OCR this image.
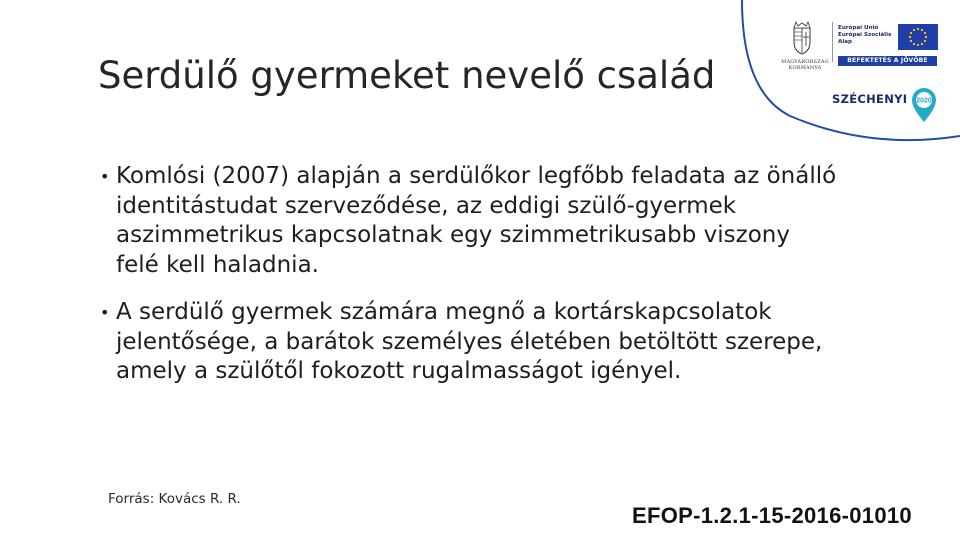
Serdülő gyermeket nevelő család	MAGYARORSZÁG KORMÁNYA
Európai Unió Európai Szociális Alap
BEFEKTETÉS A JÖVŐBE
SZÉCHENYI 2020
• Komlósi (2007) alapján a serdülőkor legfőbb feladata az önálló identitástudat szerveződése, az eddigi szülő-gyermek aszimmetrikus kapcsolatnak egy szimmetrikusabb viszony felé kell haladnia.
• A serdülő gyermek számára megnő a kortárskapcsolatok jelentősége, a barátok személyes életében betöltött szerepe, amely a szülőtől fokozott rugalmasságot igényel.
Forrás: Kovács R. R.
EFOP-1.2.1-15-2016-01010
